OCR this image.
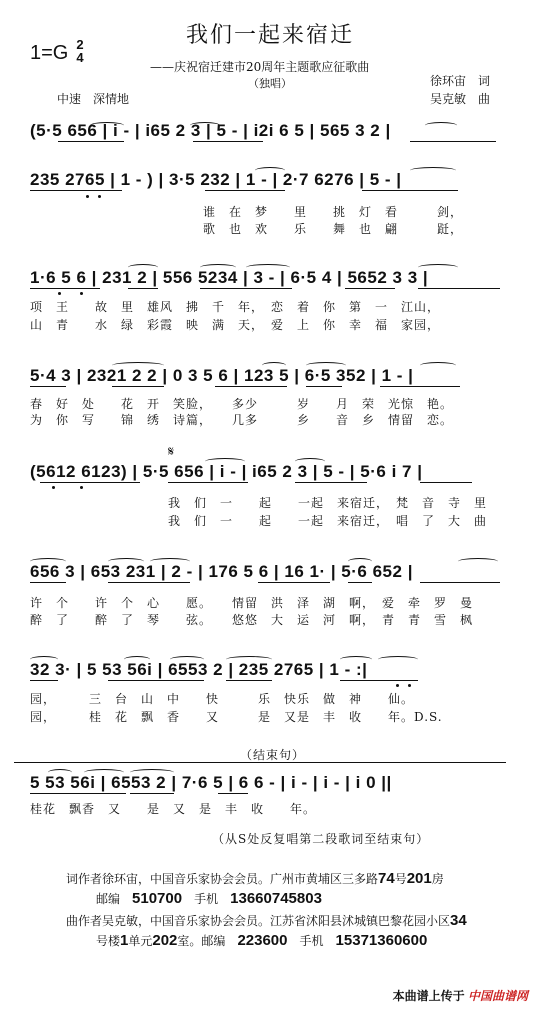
我们一起来宿迁
1=G 2
4
——庆祝宿迁建市20周年主题歌应征歌曲
（独唱）	徐环宙　词
吴克敏　曲
中速　深情地
(5·5 656 | i - | i65 2 3 | 5 - | i2i 6 5 | 565 3 2 |
235 2765 | 1 - ) | 3·5 232 | 1 - | 2·7 6276 | 5 - |
谁　在　梦　　里　　挑　灯　看　　　剑，
歌　也　欢　　乐　　舞　也　翩　　　跹，
1·6 5 6 | 231 2 | 556 5234 | 3 - | 6·5 4 | 5652 3 3 |
项　王　　故　里　雄风　拂　千　年，　恋　着　你　第　一　江山，
山　青　　水　绿　彩霞　映　满　天，　爱　上　你　幸　福　家园，
5·4 3 | 2321 2 2 | 0 3 5 6 | 123 5 | 6·5 352 | 1 - |
春　好　处　　花　开　笑脸，　　多少　　　岁　　月　荣　光惊　艳。
为　你　写　　锦　绣　诗篇，　　几多　　　乡　　音　乡　情留　恋。
𝄋
(5612 6123) | 5·5 656 | i - | i65 2 3 | 5 - | 5·6 i 7 |
我　们　一　　起　　一起　来宿迁，　梵　音　寺　里
我　们　一　　起　　一起　来宿迁，　唱　了　大　曲
656 3 | 653 231 | 2 - | 176 5 6 | 16 1· | 5·6 652 |
许　个　　许　个　心　　愿。　　情留　洪　泽　湖　啊，　爱　牵　罗　曼
醉　了　　醉　了　琴　　弦。　　悠悠　大　运　河　啊，　青　青　雪　枫
32 3· | 5 53 56i | 6553 2 | 235 2765 | 1 - :|
园，　　　三　台　山　中　　快　　　乐　快乐　做　神　　仙。
园，　　　桂　花　飘　香　　又　　　是　又是　丰　收　　年。D.S.
（结束句）
5 53 56i | 6553 2 | 7·6 5 | 6 6 - | i - | i - | i 0 ||
桂花　飘香　又　　是　又　是　丰　收　　年。
（从S处反复唱第二段歌词至结束句）
词作者徐环宙，中国音乐家协会会员。广州市黄埔区三多路74号201房
邮编　 510700　 手机　 13660745803
曲作者吴克敏，中国音乐家协会会员。江苏省沭阳县沭城镇巴黎花园小区34
号楼1单元202室。邮编　 223600　 手机　 15371360600
本曲谱上传于 中国曲谱网
